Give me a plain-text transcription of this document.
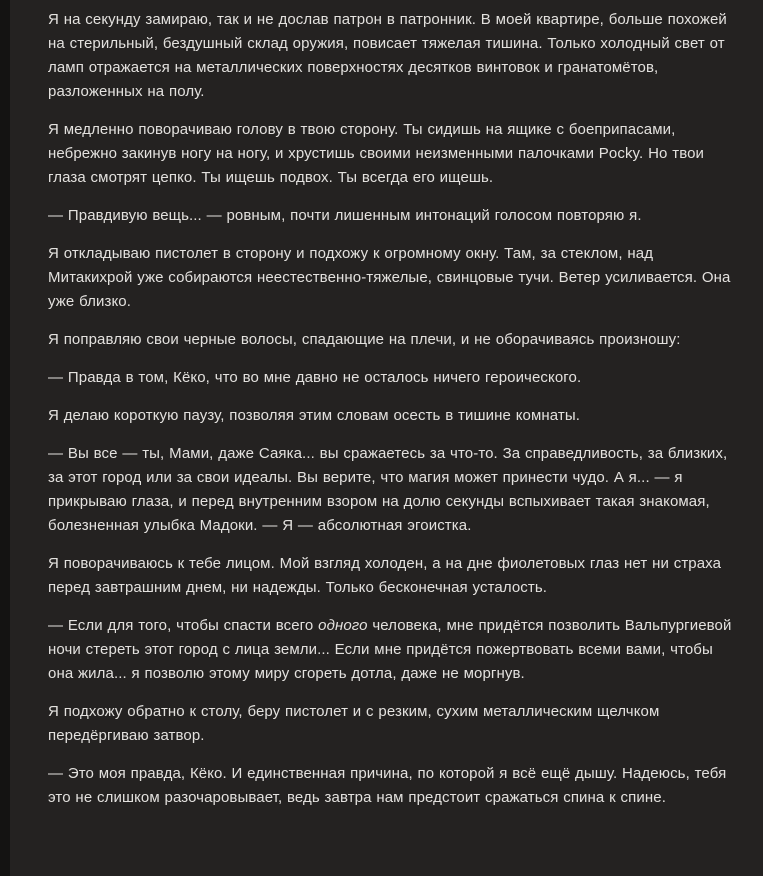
Я на секунду замираю, так и не дослав патрон в патронник. В моей квартире, больше похожей на стерильный, бездушный склад оружия, повисает тяжелая тишина. Только холодный свет от ламп отражается на металлических поверхностях десятков винтовок и гранатомётов, разложенных на полу.

Я медленно поворачиваю голову в твою сторону. Ты сидишь на ящике с боеприпасами, небрежно закинув ногу на ногу, и хрустишь своими неизменными палочками Pocky. Но твои глаза смотрят цепко. Ты ищешь подвох. Ты всегда его ищешь.

— Правдивую вещь... — ровным, почти лишенным интонаций голосом повторяю я.

Я откладываю пистолет в сторону и подхожу к огромному окну. Там, за стеклом, над Митакихрой уже собираются неестественно-тяжелые, свинцовые тучи. Ветер усиливается. Она уже близко.

Я поправляю свои черные волосы, спадающие на плечи, и не оборачиваясь произношу:

— Правда в том, Кёко, что во мне давно не осталось ничего героического.

Я делаю короткую паузу, позволяя этим словам осесть в тишине комнаты.

— Вы все — ты, Мами, даже Саяка... вы сражаетесь за что-то. За справедливость, за близких, за этот город или за свои идеалы. Вы верите, что магия может принести чудо. А я... — я прикрываю глаза, и перед внутренним взором на долю секунды вспыхивает такая знакомая, болезненная улыбка Мадоки. — Я — абсолютная эгоистка.

Я поворачиваюсь к тебе лицом. Мой взгляд холоден, а на дне фиолетовых глаз нет ни страха перед завтрашним днем, ни надежды. Только бесконечная усталость.

— Если для того, чтобы спасти всего одного человека, мне придётся позволить Вальпургиевой ночи стереть этот город с лица земли... Если мне придётся пожертвовать всеми вами, чтобы она жила... я позволю этому миру сгореть дотла, даже не моргнув.

Я подхожу обратно к столу, беру пистолет и с резким, сухим металлическим щелчком передёргиваю затвор.

— Это моя правда, Кёко. И единственная причина, по которой я всё ещё дышу. Надеюсь, тебя это не слишком разочаровывает, ведь завтра нам предстоит сражаться спина к спине.
